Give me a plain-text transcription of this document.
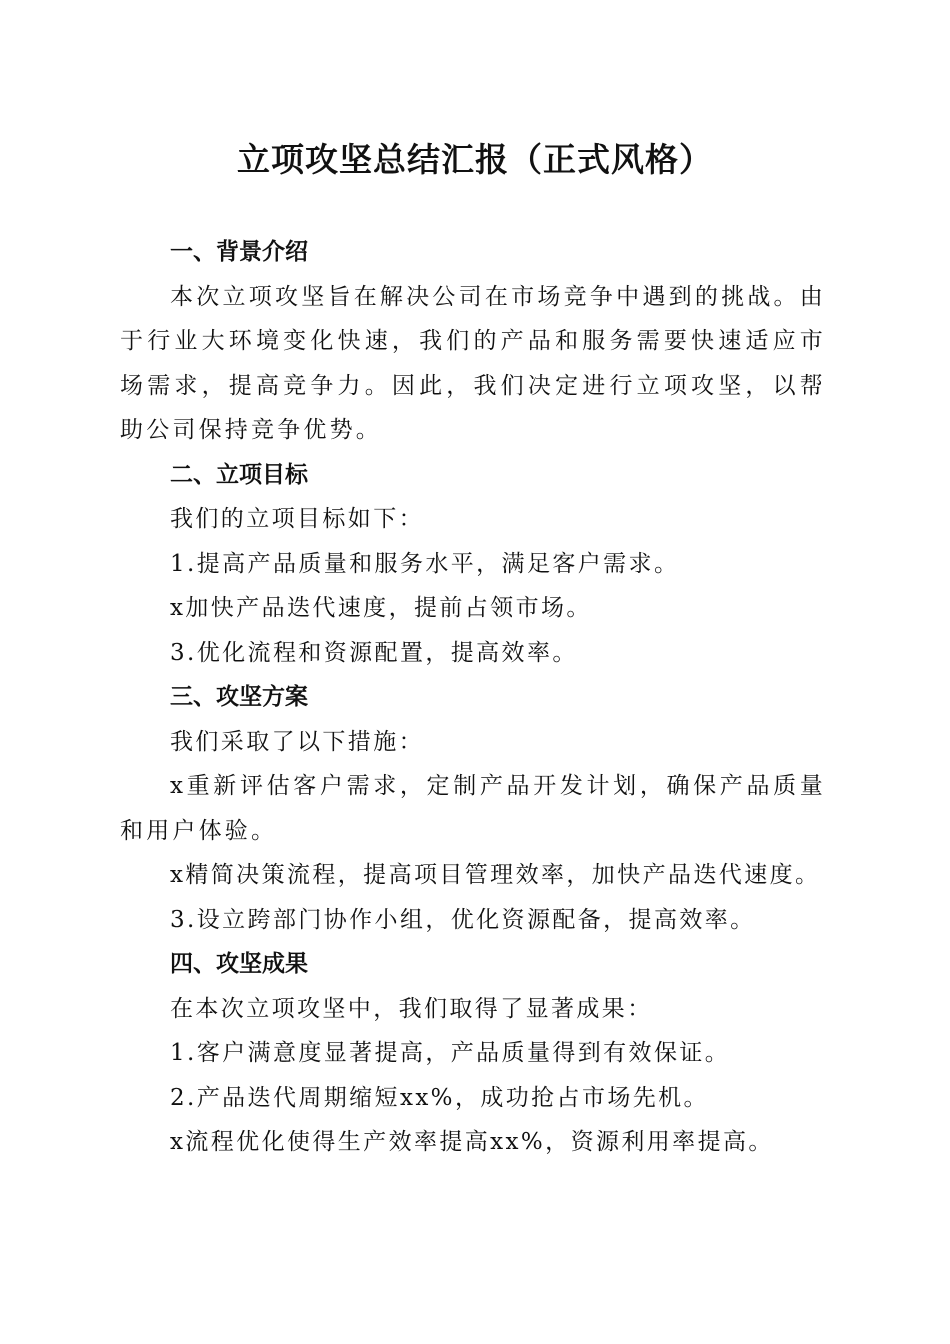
立项攻坚总结汇报（正式风格）
一、背景介绍

本次立项攻坚旨在解决公司在市场竞争中遇到的挑战。由于行业大环境变化快速，我们的产品和服务需要快速适应市场需求，提高竞争力。因此，我们决定进行立项攻坚，以帮助公司保持竞争优势。

二、立项目标

我们的立项目标如下：

1.提高产品质量和服务水平，满足客户需求。

x加快产品迭代速度，提前占领市场。

3.优化流程和资源配置，提高效率。

三、攻坚方案

我们采取了以下措施：

x重新评估客户需求，定制产品开发计划，确保产品质量和用户体验。

x精简决策流程，提高项目管理效率，加快产品迭代速度。

3.设立跨部门协作小组，优化资源配备，提高效率。

四、攻坚成果

在本次立项攻坚中，我们取得了显著成果：

1.客户满意度显著提高，产品质量得到有效保证。

2.产品迭代周期缩短xx%，成功抢占市场先机。

x流程优化使得生产效率提高xx%，资源利用率提高。
